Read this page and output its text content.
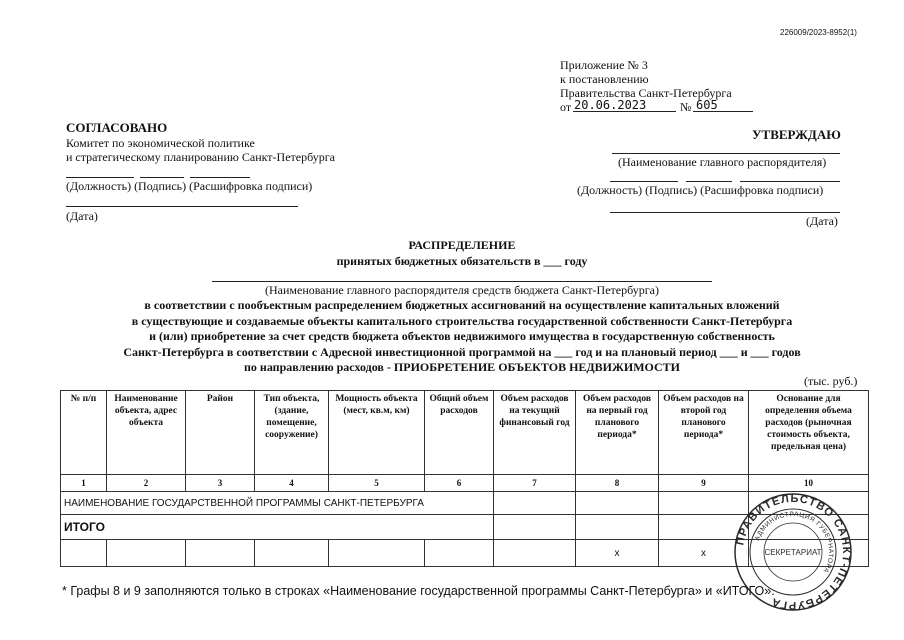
226009/2023-8952(1)
Приложение № 3
к постановлению
Правительства Санкт-Петербурга
от 20.06.2023	№ 605
СОГЛАСОВАНО
Комитет по экономической политике
и стратегическому планированию Санкт-Петербурга
(Должность) (Подпись) (Расшифровка подписи)
(Дата)
УТВЕРЖДАЮ
(Наименование главного распорядителя)
(Должность) (Подпись) (Расшифровка подписи)
(Дата)
РАСПРЕДЕЛЕНИЕ
принятых бюджетных обязательств в ___ году
(Наименование главного распорядителя средств бюджета Санкт-Петербурга)
в соответствии с пообъектным распределением бюджетных ассигнований на осуществление капитальных вложений
в существующие и создаваемые объекты капитального строительства государственной собственности Санкт-Петербурга
и (или) приобретение за счет средств бюджета объектов недвижимого имущества в государственную собственность
Санкт-Петербурга в соответствии с Адресной инвестиционной программой на ___ год и на плановый период ___ и ___ годов
по направлению расходов - ПРИОБРЕТЕНИЕ ОБЪЕКТОВ НЕДВИЖИМОСТИ
(тыс. руб.)
№ п/п	Наименование объекта, адрес объекта	Район	Тип объекта, (здание, помещение, сооружение)	Мощность объекта (мест, кв.м, км)	Общий объем расходов	Объем расходов на текущий финансовый год	Объем расходов на первый год планового периода*	Объем расходов на второй год планового периода*	Основание для определения объема расходов (рыночная стоимость объекта, предельная цена)
1	2	3	4	5	6	7	8	9	10
НАИМЕНОВАНИЕ ГОСУДАРСТВЕННОЙ ПРОГРАММЫ САНКТ-ПЕТЕРБУРГА									
ИТОГО									
							x	x	
* Графы 8 и 9 заполняются только в строках «Наименование государственной программы Санкт-Петербурга» и «ИТОГО».
ПРАВИТЕЛЬСТВО САНКТ-ПЕТЕРБУРГА
АДМИНИСТРАЦИЯ ГУБЕРНАТОРА
СЕКРЕТАРИАТ
